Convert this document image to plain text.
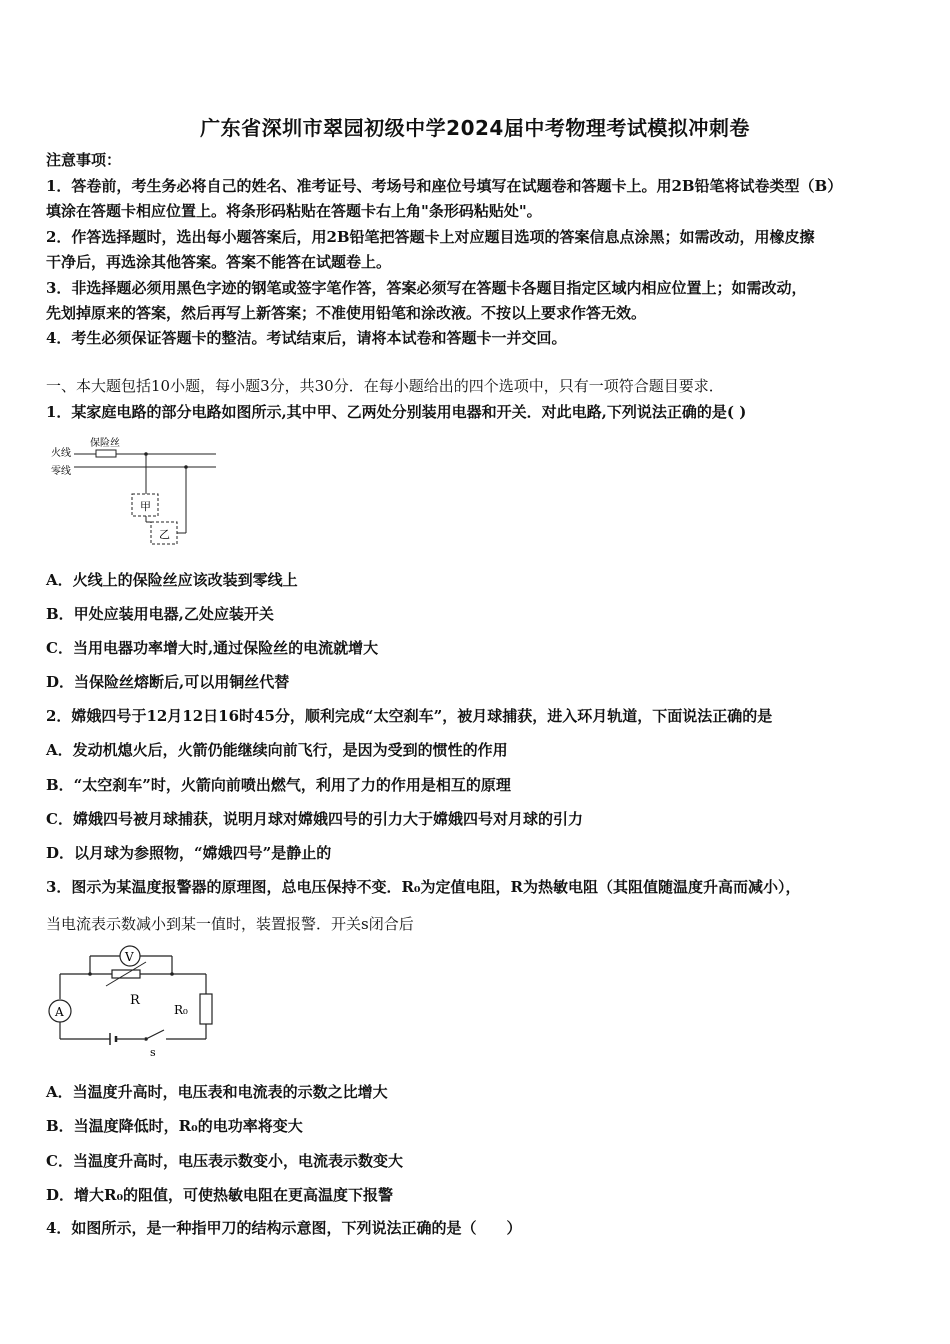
广东省深圳市翠园初级中学2024届中考物理考试模拟冲刺卷
注意事项：
1．答卷前，考生务必将自己的姓名、准考证号、考场号和座位号填写在试题卷和答题卡上。用2B铅笔将试卷类型（B）
填涂在答题卡相应位置上。将条形码粘贴在答题卡右上角"条形码粘贴处"。
2．作答选择题时，选出每小题答案后，用2B铅笔把答题卡上对应题目选项的答案信息点涂黑；如需改动，用橡皮擦
干净后，再选涂其他答案。答案不能答在试题卷上。
3．非选择题必须用黑色字迹的钢笔或签字笔作答，答案必须写在答题卡各题目指定区域内相应位置上；如需改动，
先划掉原来的答案，然后再写上新答案；不准使用铅笔和涂改液。不按以上要求作答无效。
4．考生必须保证答题卡的整洁。考试结束后，请将本试卷和答题卡一并交回。
一、本大题包括10小题，每小题3分，共30分．在每小题给出的四个选项中，只有一项符合题目要求．
1．某家庭电路的部分电路如图所示,其中甲、乙两处分别装用电器和开关．对此电路,下列说法正确的是( )
火线
零线
保险丝
甲
乙
A．火线上的保险丝应该改装到零线上
B．甲处应装用电器,乙处应装开关
C．当用电器功率增大时,通过保险丝的电流就增大
D．当保险丝熔断后,可以用铜丝代替
2．嫦娥四号于12月12日16时45分，顺利完成“太空刹车”，被月球捕获，进入环月轨道，下面说法正确的是
A．发动机熄火后，火箭仍能继续向前飞行，是因为受到的惯性的作用
B．“太空刹车”时，火箭向前喷出燃气，利用了力的作用是相互的原理
C．嫦娥四号被月球捕获，说明月球对嫦娥四号的引力大于嫦娥四号对月球的引力
D．以月球为参照物，“嫦娥四号”是静止的
3．图示为某温度报警器的原理图，总电压保持不变．R₀为定值电阻，R为热敏电阻（其阻值随温度升高而减小），
当电流表示数减小到某一值时，装置报警．开关s闭合后
A
s
R₀
R
V
A．当温度升高时，电压表和电流表的示数之比增大
B．当温度降低时，R₀的电功率将变大
C．当温度升高时，电压表示数变小，电流表示数变大
D．增大R₀的阻值，可使热敏电阻在更高温度下报警
4．如图所示，是一种指甲刀的结构示意图，下列说法正确的是（　　）
